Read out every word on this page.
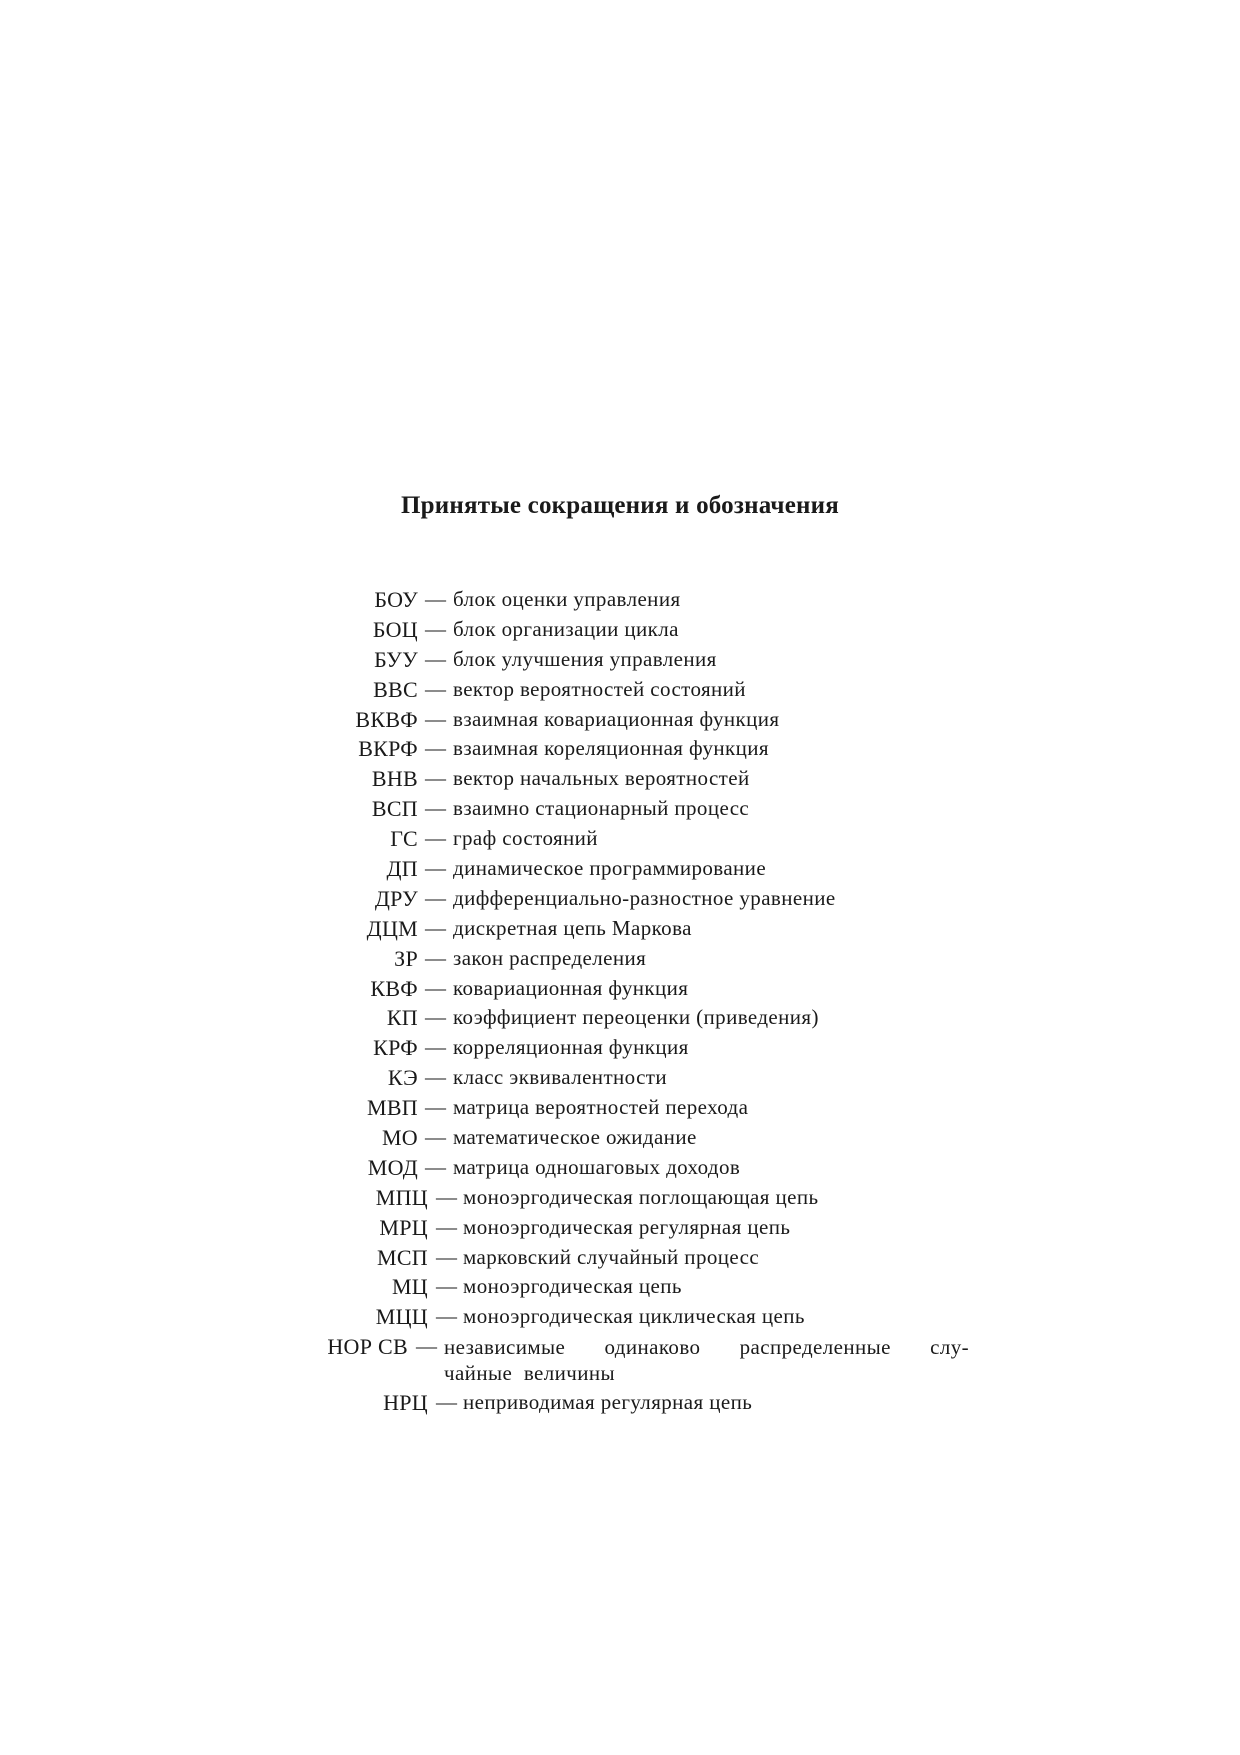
Принятые сокращения и обозначения
БОУ — блок оценки управления
БОЦ — блок организации цикла
БУУ — блок улучшения управления
ВВС — вектор вероятностей состояний
ВКВФ — взаимная ковариационная функция
ВКРФ — взаимная кореляционная функция
ВНВ — вектор начальных вероятностей
ВСП — взаимно стационарный процесс
ГС — граф состояний
ДП — динамическое программирование
ДРУ — дифференциально-разностное уравнение
ДЦМ — дискретная цепь Маркова
ЗР — закон распределения
КВФ — ковариационная функция
КП — коэффициент переоценки (приведения)
КРФ — корреляционная функция
КЭ — класс эквивалентности
МВП — матрица вероятностей перехода
МО — математическое ожидание
МОД — матрица одношаговых доходов
МПЦ — моноэргодическая поглощающая цепь
МРЦ — моноэргодическая регулярная цепь
МСП — марковский случайный процесс
МЦ — моноэргодическая цепь
МЦЦ — моноэргодическая циклическая цепь
НОР СВ — независимые одинаково распределенные слу-
чайные величины
НРЦ — неприводимая регулярная цепь
